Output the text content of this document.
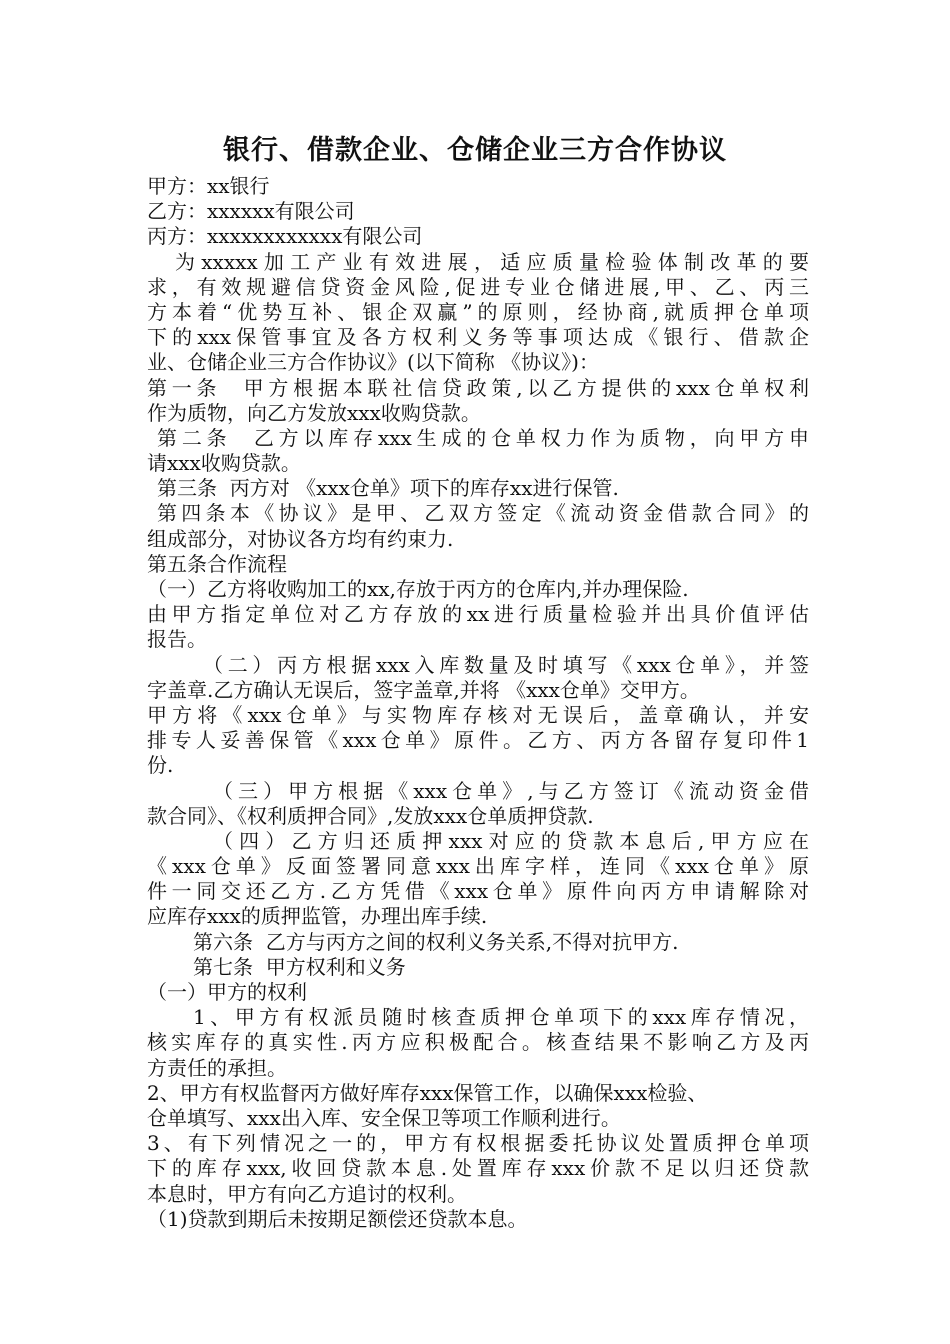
银行、借款企业、仓储企业三方合作协议
甲方：xx银行
乙方：xxxxxx有限公司
丙方：xxxxxxxxxxxx有限公司
为xxxxx加工产业有效进展，适应质量检验体制改革的要
求，有效规避信贷资金风险,促进专业仓储进展,甲、乙、丙三
方本着“优势互补、银企双赢”的原则，经协商,就质押仓单项
下的xxx保管事宜及各方权利义务等事项达成《银行、借款企
业、仓储企业三方合作协议》(以下简称 《协议》)：
第一条  甲方根据本联社信贷政策,以乙方提供的xxx仓单权利
作为质物，向乙方发放xxx收购贷款。
第二条  乙方以库存xxx生成的仓单权力作为质物，向甲方申
请xxx收购贷款。
第三条  丙方对 《xxx仓单》项下的库存xx进行保管.
第四条本《协议》是甲、乙双方签定《流动资金借款合同》的
组成部分，对协议各方均有约束力.
第五条合作流程
（一）乙方将收购加工的xx,存放于丙方的仓库内,并办理保险.
由甲方指定单位对乙方存放的xx进行质量检验并出具价值评估
报告。
（二）丙方根据xxx入库数量及时填写《xxx仓单》，并签
字盖章.乙方确认无误后，签字盖章,并将 《xxx仓单》交甲方。
甲方将《xxx仓单》与实物库存核对无误后，盖章确认，并安
排专人妥善保管《xxx仓单》原件。乙方、丙方各留存复印件1
份.
（三）甲方根据《xxx仓单》,与乙方签订《流动资金借
款合同》、《权利质押合同》,发放xxx仓单质押贷款.
（四）乙方归还质押xxx对应的贷款本息后,甲方应在
《xxx仓单》反面签署同意xxx出库字样，连同《xxx仓单》原
件一同交还乙方.乙方凭借《xxx仓单》原件向丙方申请解除对
应库存xxx的质押监管，办理出库手续.
第六条  乙方与丙方之间的权利义务关系,不得对抗甲方.
第七条  甲方权利和义务
（一）甲方的权利
1、甲方有权派员随时核查质押仓单项下的xxx库存情况，
核实库存的真实性.丙方应积极配合。核查结果不影响乙方及丙
方责任的承担。
2、甲方有权监督丙方做好库存xxx保管工作，以确保xxx检验、
仓单填写、xxx出入库、安全保卫等项工作顺利进行。
3、有下列情况之一的，甲方有权根据委托协议处置质押仓单项
下的库存xxx,收回贷款本息.处置库存xxx价款不足以归还贷款
本息时，甲方有向乙方追讨的权利。
（1)贷款到期后未按期足额偿还贷款本息。
